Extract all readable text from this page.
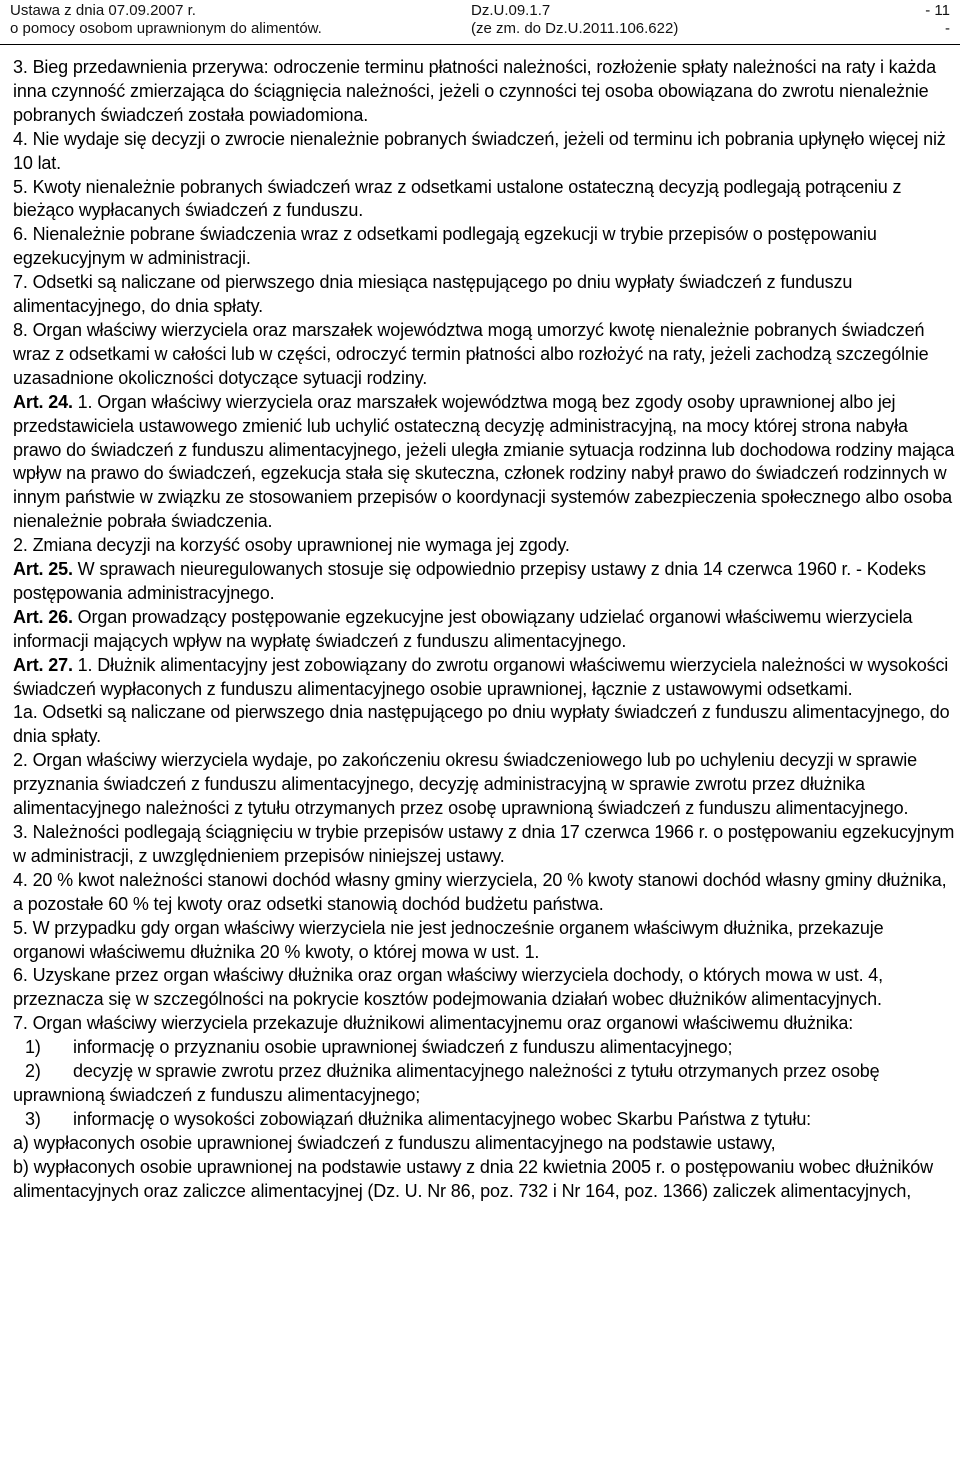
Ustawa z dnia 07.09.2007 r.
o pomocy osobom uprawnionym do alimentów.
Dz.U.09.1.7
(ze zm. do Dz.U.2011.106.622)
- 11
-

3. Bieg przedawnienia przerywa: odroczenie terminu płatności należności, rozłożenie spłaty należności na raty i każda inna czynność zmierzająca do ściągnięcia należności, jeżeli o czynności tej osoba obowiązana do zwrotu nienależnie pobranych świadczeń została powiadomiona.

4. Nie wydaje się decyzji o zwrocie nienależnie pobranych świadczeń, jeżeli od terminu ich pobrania upłynęło więcej niż 10 lat.

5. Kwoty nienależnie pobranych świadczeń wraz z odsetkami ustalone ostateczną decyzją podlegają potrąceniu z bieżąco wypłacanych świadczeń z funduszu.

6. Nienależnie pobrane świadczenia wraz z odsetkami podlegają egzekucji w trybie przepisów o postępowaniu egzekucyjnym w administracji.

7. Odsetki są naliczane od pierwszego dnia miesiąca następującego po dniu wypłaty świadczeń z funduszu alimentacyjnego, do dnia spłaty.

8. Organ właściwy wierzyciela oraz marszałek województwa mogą umorzyć kwotę nienależnie pobranych świadczeń wraz z odsetkami w całości lub w części, odroczyć termin płatności albo rozłożyć na raty, jeżeli zachodzą szczególnie uzasadnione okoliczności dotyczące sytuacji rodziny.

Art. 24. 1. Organ właściwy wierzyciela oraz marszałek województwa mogą bez zgody osoby uprawnionej albo jej przedstawiciela ustawowego zmienić lub uchylić ostateczną decyzję administracyjną, na mocy której strona nabyła prawo do świadczeń z funduszu alimentacyjnego, jeżeli uległa zmianie sytuacja rodzinna lub dochodowa rodziny mająca wpływ na prawo do świadczeń, egzekucja stała się skuteczna, członek rodziny nabył prawo do świadczeń rodzinnych w innym państwie w związku ze stosowaniem przepisów o koordynacji systemów zabezpieczenia społecznego albo osoba nienależnie pobrała świadczenia.

2. Zmiana decyzji na korzyść osoby uprawnionej nie wymaga jej zgody.

Art. 25. W sprawach nieuregulowanych stosuje się odpowiednio przepisy ustawy z dnia 14 czerwca 1960 r. - Kodeks postępowania administracyjnego.

Art. 26. Organ prowadzący postępowanie egzekucyjne jest obowiązany udzielać organowi właściwemu wierzyciela informacji mających wpływ na wypłatę świadczeń z funduszu alimentacyjnego.

Art. 27. 1. Dłużnik alimentacyjny jest zobowiązany do zwrotu organowi właściwemu wierzyciela należności w wysokości świadczeń wypłaconych z funduszu alimentacyjnego osobie uprawnionej, łącznie z ustawowymi odsetkami.

1a. Odsetki są naliczane od pierwszego dnia następującego po dniu wypłaty świadczeń z funduszu alimentacyjnego, do dnia spłaty.

2. Organ właściwy wierzyciela wydaje, po zakończeniu okresu świadczeniowego lub po uchyleniu decyzji w sprawie przyznania świadczeń z funduszu alimentacyjnego, decyzję administracyjną w sprawie zwrotu przez dłużnika alimentacyjnego należności z tytułu otrzymanych przez osobę uprawnioną świadczeń z funduszu alimentacyjnego.

3. Należności podlegają ściągnięciu w trybie przepisów ustawy z dnia 17 czerwca 1966 r. o postępowaniu egzekucyjnym w administracji, z uwzględnieniem przepisów niniejszej ustawy.

4. 20 % kwot należności stanowi dochód własny gminy wierzyciela, 20 % kwoty stanowi dochód własny gminy dłużnika, a pozostałe 60 % tej kwoty oraz odsetki stanowią dochód budżetu państwa.

5. W przypadku gdy organ właściwy wierzyciela nie jest jednocześnie organem właściwym dłużnika, przekazuje organowi właściwemu dłużnika 20 % kwoty, o której mowa w ust. 1.

6. Uzyskane przez organ właściwy dłużnika oraz organ właściwy wierzyciela dochody, o których mowa w ust. 4, przeznacza się w szczególności na pokrycie kosztów podejmowania działań wobec dłużników alimentacyjnych.

7. Organ właściwy wierzyciela przekazuje dłużnikowi alimentacyjnemu oraz organowi właściwemu dłużnika:

1) informację o przyznaniu osobie uprawnionej świadczeń z funduszu alimentacyjnego;

2) decyzję w sprawie zwrotu przez dłużnika alimentacyjnego należności z tytułu otrzymanych przez osobę uprawnioną świadczeń z funduszu alimentacyjnego;

3) informację o wysokości zobowiązań dłużnika alimentacyjnego wobec Skarbu Państwa z tytułu:

a) wypłaconych osobie uprawnionej świadczeń z funduszu alimentacyjnego na podstawie ustawy,

b) wypłaconych osobie uprawnionej na podstawie ustawy z dnia 22 kwietnia 2005 r. o postępowaniu wobec dłużników alimentacyjnych oraz zaliczce alimentacyjnej (Dz. U. Nr 86, poz. 732 i Nr 164, poz. 1366) zaliczek alimentacyjnych,
